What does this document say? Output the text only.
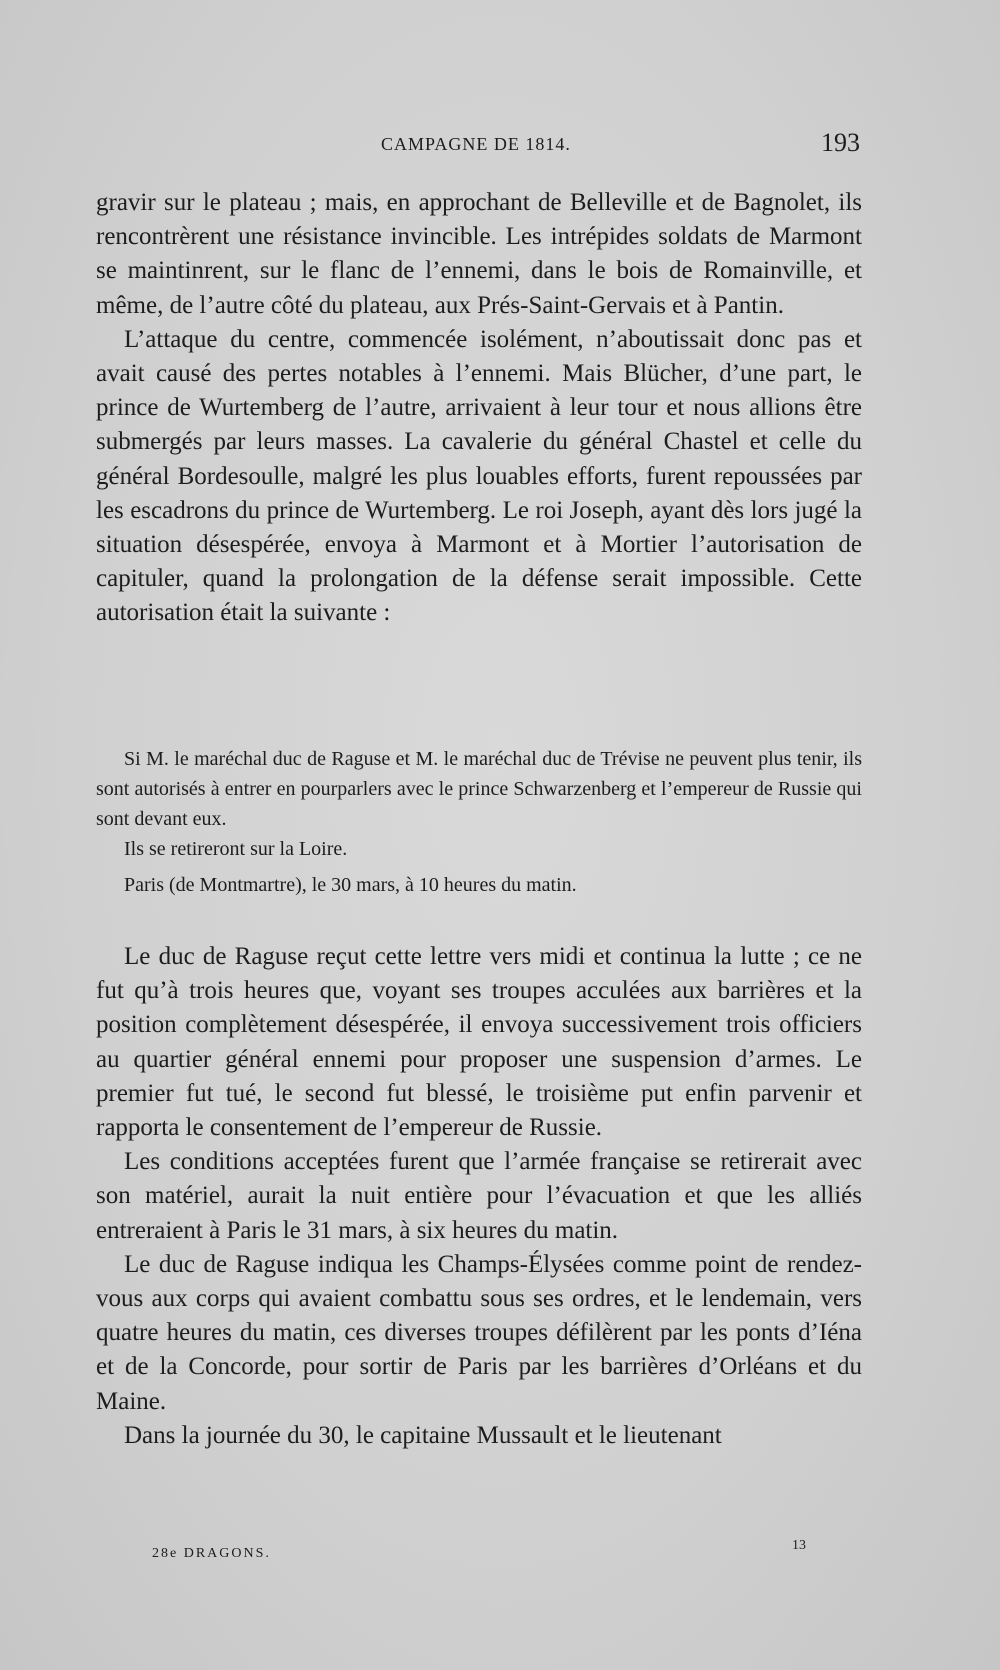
CAMPAGNE DE 1814.	193

gravir sur le plateau ; mais, en approchant de Belleville et de Bagnolet, ils rencontrèrent une résistance invincible. Les intrépides soldats de Marmont se maintinrent, sur le flanc de l’ennemi, dans le bois de Romainville, et même, de l’autre côté du plateau, aux Prés-Saint-Gervais et à Pantin.

L’attaque du centre, commencée isolément, n’aboutissait donc pas et avait causé des pertes notables à l’ennemi. Mais Blücher, d’une part, le prince de Wurtemberg de l’autre, arrivaient à leur tour et nous allions être submergés par leurs masses. La cavalerie du général Chastel et celle du général Bordesoulle, malgré les plus louables efforts, furent repoussées par les escadrons du prince de Wurtemberg. Le roi Joseph, ayant dès lors jugé la situation désespérée, envoya à Marmont et à Mortier l’autorisation de capituler, quand la prolongation de la défense serait impossible. Cette autorisation était la suivante :

Si M. le maréchal duc de Raguse et M. le maréchal duc de Trévise ne peuvent plus tenir, ils sont autorisés à entrer en pourparlers avec le prince Schwarzenberg et l’empereur de Russie qui sont devant eux.

Ils se retireront sur la Loire.

Paris (de Montmartre), le 30 mars, à 10 heures du matin.

Le duc de Raguse reçut cette lettre vers midi et continua la lutte ; ce ne fut qu’à trois heures que, voyant ses troupes acculées aux barrières et la position complètement désespérée, il envoya successivement trois officiers au quartier général ennemi pour proposer une suspension d’armes. Le premier fut tué, le second fut blessé, le troisième put enfin parvenir et rapporta le consentement de l’empereur de Russie.

Les conditions acceptées furent que l’armée française se retirerait avec son matériel, aurait la nuit entière pour l’évacuation et que les alliés entreraient à Paris le 31 mars, à six heures du matin.

Le duc de Raguse indiqua les Champs-Élysées comme point de rendez-vous aux corps qui avaient combattu sous ses ordres, et le lendemain, vers quatre heures du matin, ces diverses troupes défilèrent par les ponts d’Iéna et de la Concorde, pour sortir de Paris par les barrières d’Orléans et du Maine.

Dans la journée du 30, le capitaine Mussault et le lieutenant

28e DRAGONS.
13
